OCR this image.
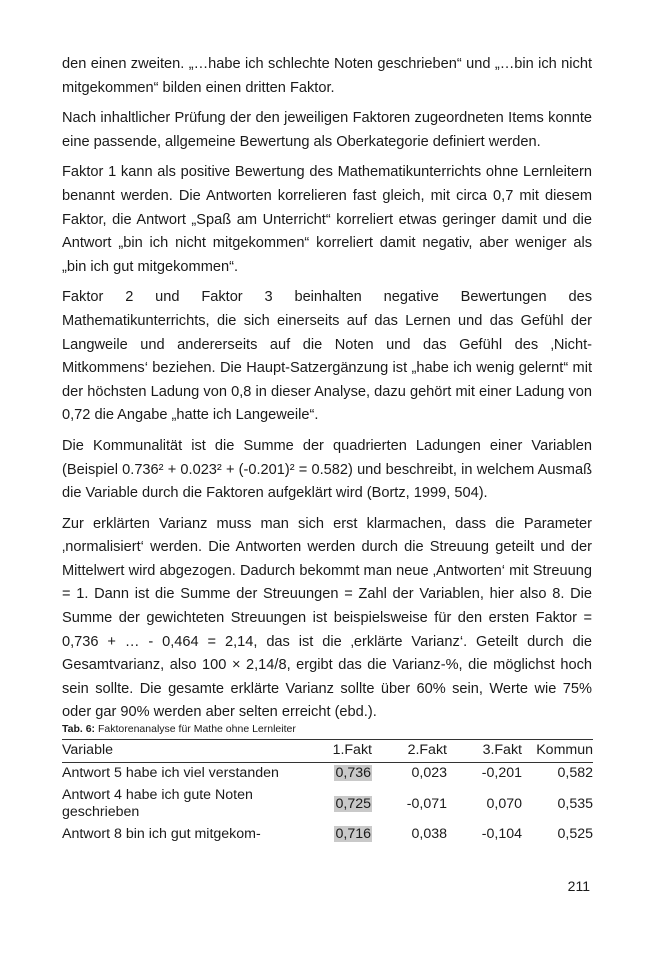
den einen zweiten. „…habe ich schlechte Noten geschrieben“ und „…bin ich nicht mitgekommen“ bilden einen dritten Faktor.

Nach inhaltlicher Prüfung der den jeweiligen Faktoren zugeordneten Items konnte eine passende, allgemeine Bewertung als Oberkategorie definiert werden.

Faktor 1 kann als positive Bewertung des Mathematikunterrichts ohne Lernleitern benannt werden. Die Antworten korrelieren fast gleich, mit circa 0,7 mit diesem Faktor, die Antwort „Spaß am Unterricht“ korreliert etwas geringer damit und die Antwort „bin ich nicht mitgekommen“ korreliert damit negativ, aber weniger als „bin ich gut mitgekommen“.

Faktor 2 und Faktor 3 beinhalten negative Bewertungen des Mathematikunterrichts, die sich einerseits auf das Lernen und das Gefühl der Langweile und andererseits auf die Noten und das Gefühl des ‚Nicht-Mitkommens‘ beziehen. Die Haupt-Satzergänzung ist „habe ich wenig gelernt“ mit der höchsten Ladung von 0,8 in dieser Analyse, dazu gehört mit einer Ladung von 0,72 die Angabe „hatte ich Langeweile“.

Die Kommunalität ist die Summe der quadrierten Ladungen einer Variablen (Beispiel 0.736² + 0.023² + (-0.201)² = 0.582) und beschreibt, in welchem Ausmaß die Variable durch die Faktoren aufgeklärt wird (Bortz, 1999, 504).

Zur erklärten Varianz muss man sich erst klarmachen, dass die Parameter ‚normalisiert‘ werden. Die Antworten werden durch die Streuung geteilt und der Mittelwert wird abgezogen. Dadurch bekommt man neue ‚Antworten‘ mit Streuung = 1. Dann ist die Summe der Streuungen = Zahl der Variablen, hier also 8. Die Summe der gewichteten Streuungen ist beispielsweise für den ersten Faktor = 0,736 + … - 0,464 = 2,14, das ist die ‚erklärte Varianz‘. Geteilt durch die Gesamtvarianz, also 100 × 2,14/8, ergibt das die Varianz-%, die möglichst hoch sein sollte. Die gesamte erklärte Varianz sollte über 60% sein, Werte wie 75% oder gar 90% werden aber selten erreicht (ebd.).

Tab. 6: Faktorenanalyse für Mathe ohne Lernleiter
Variable	1.Fakt	2.Fakt	3.Fakt	Kommun
Antwort 5 habe ich viel verstanden	0,736	0,023	-0,201	0,582
Antwort 4 habe ich gute Noten geschrieben	0,725	-0,071	0,070	0,535
Antwort 8 bin ich gut mitgekom-	0,716	0,038	-0,104	0,525
211
